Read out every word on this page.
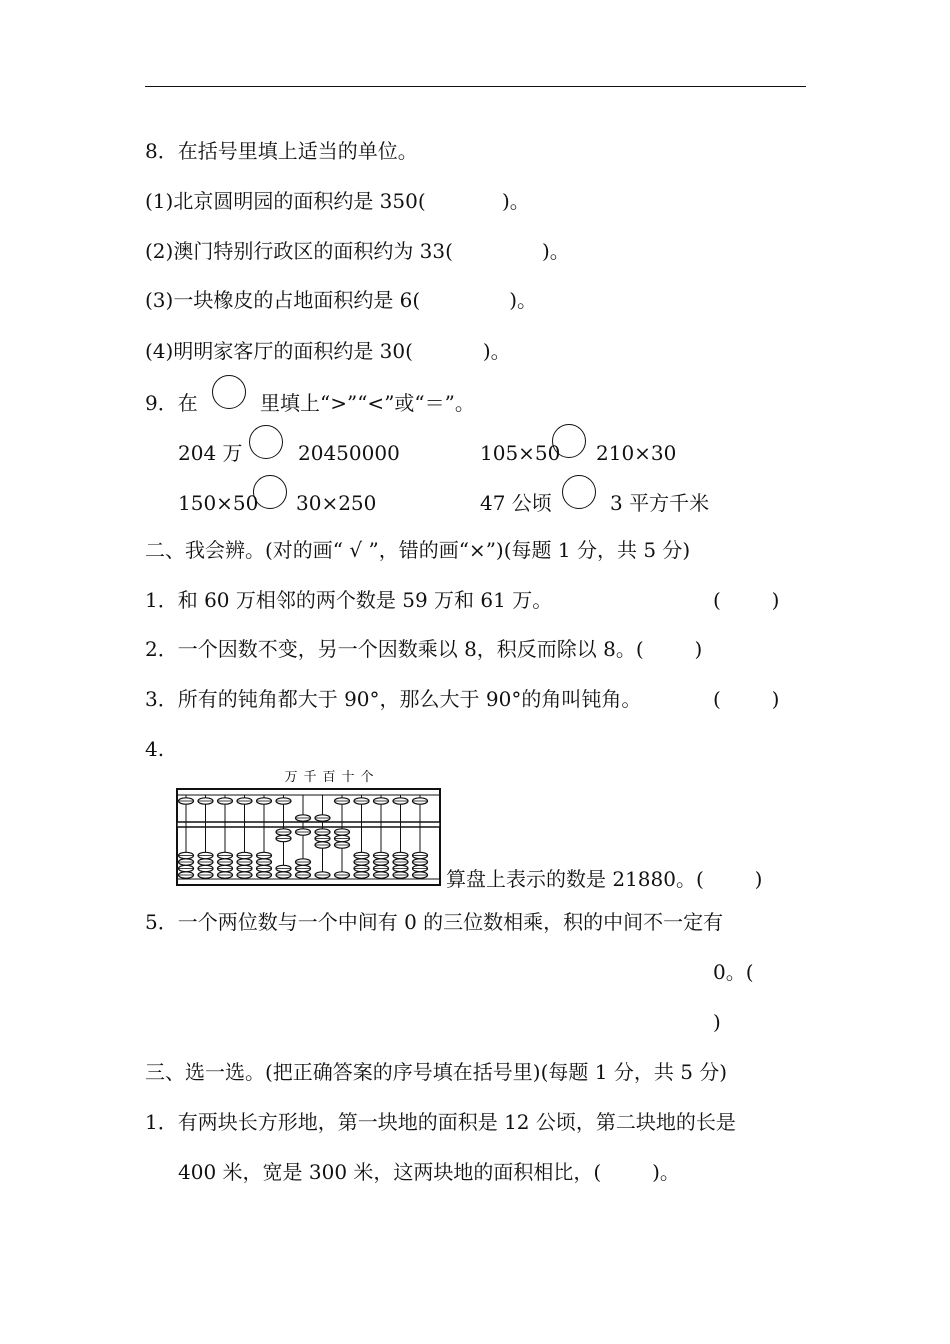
8．在括号里填上适当的单位。
(1)北京圆明园的面积约是 350(            )。
(2)澳门特别行政区的面积约为 33(              )。
(3)一块橡皮的占地面积约是 6(              )。
(4)明明家客厅的面积约是 30(           )。
9．在	里填上“>”“<”或“＝”。
204 万	20450000	105×50 210×30
150×50 30×250	47 公顷	3 平方千米
二、我会辨。(对的画“ √ ”，错的画“×”)(每题 1 分，共 5 分)
1．和 60 万相邻的两个数是 59 万和 61 万。	(        )
2．一个因数不变，另一个因数乘以 8，积反而除以 8。(        )
3．所有的钝角都大于 90°，那么大于 90°的角叫钝角。	(        )
4.
万 千 百 十 个
算盘上表示的数是 21880。(        )
5．一个两位数与一个中间有 0 的三位数相乘，积的中间不一定有
0。(
)
三、选一选。(把正确答案的序号填在括号里)(每题 1 分，共 5 分)
1．有两块长方形地，第一块地的面积是 12 公顷，第二块地的长是
400 米，宽是 300 米，这两块地的面积相比，(        )。
